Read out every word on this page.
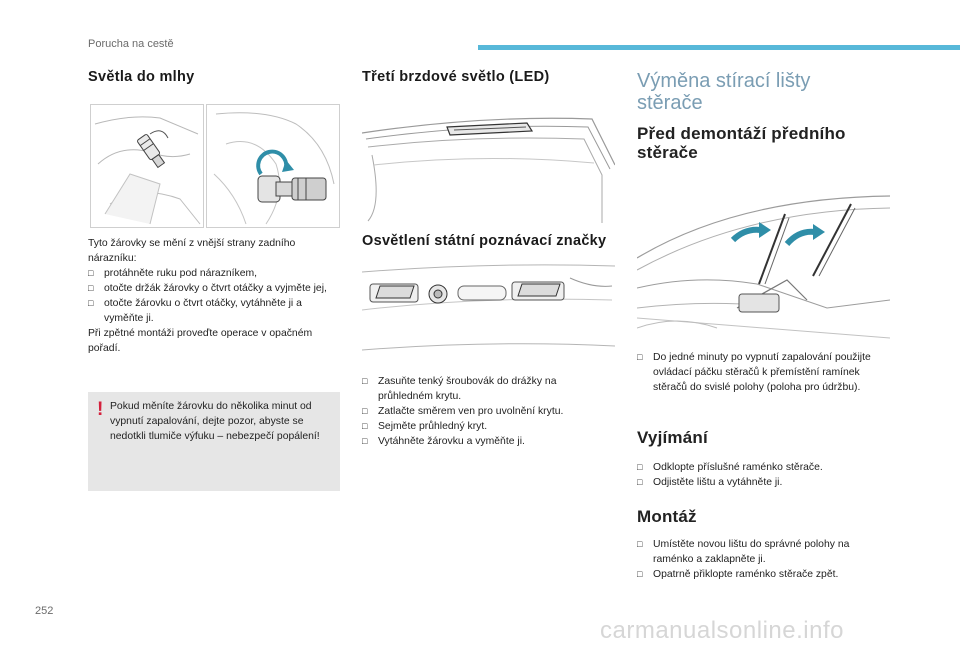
Porucha na cestě
Světla do mlhy
Tyto žárovky se mění z vnější strany zadního nárazníku:
□ protáhněte ruku pod nárazníkem,
□ otočte držák žárovky o čtvrt otáčky a vyjměte jej,
□ otočte žárovku o čtvrt otáčky, vytáhněte ji a vyměňte ji.
Při zpětné montáži proveďte operace v opačném pořadí.
! Pokud měníte žárovku do několika minut od vypnutí zapalování, dejte pozor, abyste se nedotkli tlumiče výfuku – nebezpečí popálení!
Třetí brzdové světlo (LED)
Osvětlení státní poznávací značky
□ Zasuňte tenký šroubovák do drážky na průhledném krytu.
□ Zatlačte směrem ven pro uvolnění krytu.
□ Sejměte průhledný kryt.
□ Vytáhněte žárovku a vyměňte ji.
Výměna stírací lišty stěrače
Před demontáží předního stěrače
□ Do jedné minuty po vypnutí zapalování použijte ovládací páčku stěračů k přemístění ramínek stěračů do svislé polohy (poloha pro údržbu).
Vyjímání
□ Odklopte příslušné raménko stěrače.
□ Odjistěte lištu a vytáhněte ji.
Montáž
□ Umístěte novou lištu do správné polohy na raménko a zaklapněte ji.
□ Opatrně přiklopte raménko stěrače zpět.
252
carmanualsonline.info
